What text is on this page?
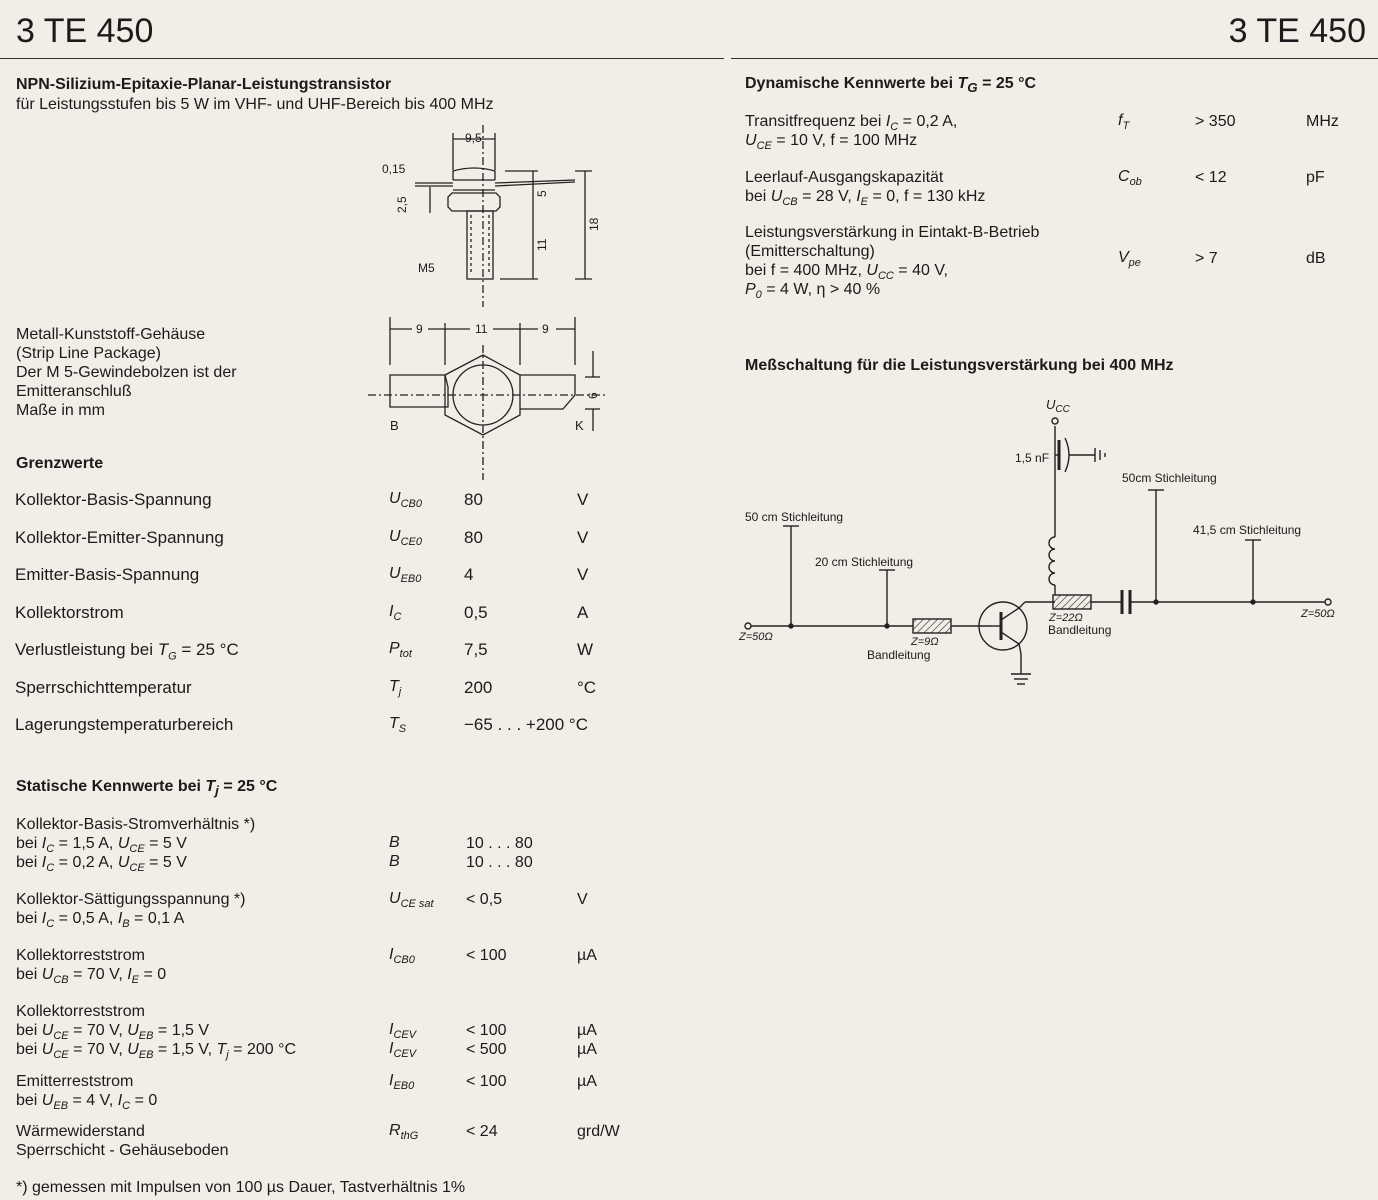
3 TE 450	3 TE 450
NPN-Silizium-Epitaxie-Planar-Leistungstransistor
für Leistungsstufen bis 5 W im VHF- und UHF-Bereich bis 400 MHz
9,5
0,15
2,5
5
11
18
M5
9	11	9
6
B	K
Metall-Kunststoff-Gehäuse
(Strip Line Package)
Der M 5-Gewindebolzen ist der
Emitteranschluß
Maße in mm
Grenzwerte
Kollektor-Basis-Spannung	$U_{CB0}$ 80	V
Kollektor-Emitter-Spannung	$U_{CE0}$ 80	V
Emitter-Basis-Spannung	$U_{EB0}$	4	V
Kollektorstrom	$I_C$	0,5	A
Verlustleistung bei $T_G = 25$ °C	$P_{tot}$	7,5	W
Sperrschichttemperatur	$T_j$	200	°C
Lagerungstemperaturbereich	$T_S$	−65 . . . +200 °C
Statische Kennwerte bei $T_j = 25$ °C
Kollektor-Basis-Stromverhältnis *)
bei $I_C = 1,5$ A, $U_{CE} = 5$ V	B	10 . . . 80
bei $I_C = 0,2$ A, $U_{CE} = 5$ V	B	10 . . . 80
Kollektor-Sättigungsspannung *)	$U_{CE sat} < 0,5$	V
bei $I_C = 0,5$ A, $I_B = 0,1$ A
Kollektorreststrom	$I_{CB0}$	< 100	µA
bei $U_{CB} = 70$ V, $I_E = 0$
Kollektorreststrom
bei $U_{CE} = 70$ V, $U_{EB} = 1,5$ V	$I_{CEV}$	< 100	µA
bei $U_{CE} = 70$ V, $U_{EB} = 1,5$ V, $T_j = 200$ °C	$I_{CEV}$	< 500	µA
Emitterreststrom	$I_{EB0}$	< 100	µA
bei $U_{EB} = 4$ V, $I_C = 0$
Wärmewiderstand	$R_{thG}$	< 24	grd/W
Sperrschicht - Gehäuseboden
*) gemessen mit Impulsen von 100 µs Dauer, Tastverhältnis 1%
Dynamische Kennwerte bei $T_G = 25$ °C
Transitfrequenz bei $I_C = 0,2$ A,
$U_{CE} = 10$ V, f = 100 MHz
$f_T$	> 350	MHz
Leerlauf-Ausgangskapazität
bei $U_{CB} = 28$ V, $I_E = 0$, f = 130 kHz
$C_{ob}$	< 12	pF
Leistungsverstärkung in Eintakt-B-Betrieb
(Emitterschaltung)
bei f = 400 MHz, $U_{CC} = 40$ V,
$P_0 = 4$ W, η > 40 %
$V_{pe}$	> 7	dB
Meßschaltung für die Leistungsverstärkung bei 400 MHz
$U_{CC}$
1,5 nF
50 cm Stichleitung
20 cm Stichleitung
50cm Stichleitung
41,5 cm Stichleitung
Z=50Ω
Z=50Ω
Z=9Ω
Bandleitung
Z=22Ω
Bandleitung
